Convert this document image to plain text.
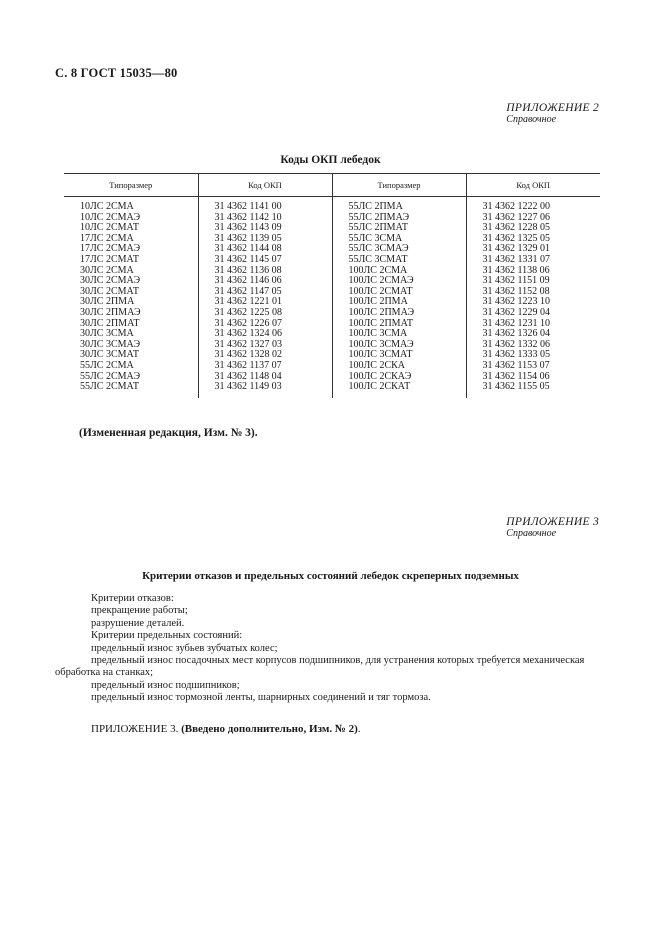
С. 8 ГОСТ 15035—80
ПРИЛОЖЕНИЕ 2
Справочное
Коды ОКП лебедок
Типоразмер	Код ОКП	Типоразмер	Код ОКП
10ЛС 2СМА	31 4362 1141 00	55ЛС 2ПМА	31 4362 1222 00
10ЛС 2СМАЭ	31 4362 1142 10	55ЛС 2ПМАЭ	31 4362 1227 06
10ЛС 2СМАТ	31 4362 1143 09	55ЛС 2ПМАТ	31 4362 1228 05
17ЛС 2СМА	31 4362 1139 05	55ЛС 3СМА	31 4362 1325 05
17ЛС 2СМАЭ	31 4362 1144 08	55ЛС 3СМАЭ	31 4362 1329 01
17ЛС 2СМАТ	31 4362 1145 07	55ЛС 3СМАТ	31 4362 1331 07
30ЛС 2СМА	31 4362 1136 08	100ЛС 2СМА	31 4362 1138 06
30ЛС 2СМАЭ	31 4362 1146 06	100ЛС 2СМАЭ	31 4362 1151 09
30ЛС 2СМАТ	31 4362 1147 05	100ЛС 2СМАТ	31 4362 1152 08
30ЛС 2ПМА	31 4362 1221 01	100ЛС 2ПМА	31 4362 1223 10
30ЛС 2ПМАЭ	31 4362 1225 08	100ЛС 2ПМАЭ	31 4362 1229 04
30ЛС 2ПМАТ	31 4362 1226 07	100ЛС 2ПМАТ	31 4362 1231 10
30ЛС 3СМА	31 4362 1324 06	100ЛС 3СМА	31 4362 1326 04
30ЛС 3СМАЭ	31 4362 1327 03	100ЛС 3СМАЭ	31 4362 1332 06
30ЛС 3СМАТ	31 4362 1328 02	100ЛС 3СМАТ	31 4362 1333 05
55ЛС 2СМА	31 4362 1137 07	100ЛС 2СКА	31 4362 1153 07
55ЛС 2СМАЭ	31 4362 1148 04	100ЛС 2СКАЭ	31 4362 1154 06
55ЛС 2СМАТ	31 4362 1149 03	100ЛС 2СКАТ	31 4362 1155 05
(Измененная редакция, Изм. № 3).
ПРИЛОЖЕНИЕ 3
Справочное
Критерии отказов и предельных состояний лебедок скреперных подземных

Критерии отказов:

прекращение работы;

разрушение деталей.

Критерии предельных состояний:

предельный износ зубьев зубчатых колес;

предельный износ посадочных мест корпусов подшипников, для устранения которых требуется механическая обработка на станках;

предельный износ подшипников;

предельный износ тормозной ленты, шарнирных соединений и тяг тормоза.

ПРИЛОЖЕНИЕ 3. (Введено дополнительно, Изм. № 2).
